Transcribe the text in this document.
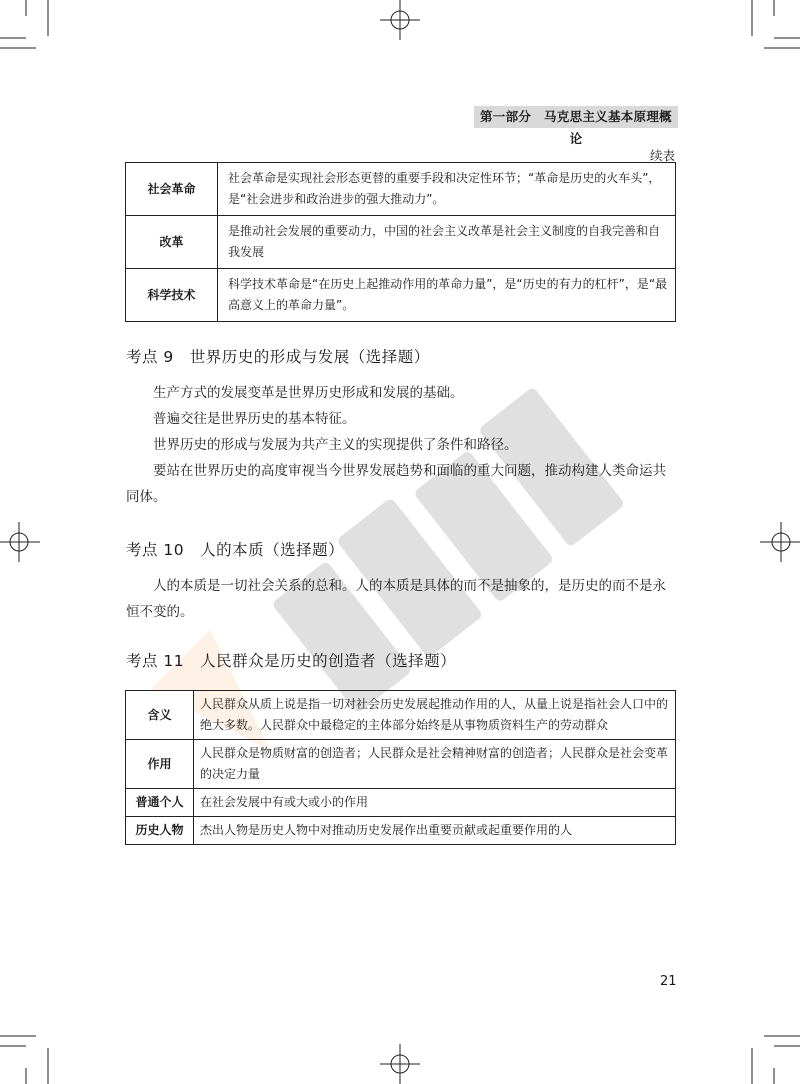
第一部分　马克思主义基本原理概论
续表
社会革命	社会革命是实现社会形态更替的重要手段和决定性环节；“革命是历史的火车头”，是“社会进步和政治进步的强大推动力”。
改革	是推动社会发展的重要动力，中国的社会主义改革是社会主义制度的自我完善和自我发展
科学技术	科学技术革命是“在历史上起推动作用的革命力量”，是“历史的有力的杠杆”，是“最高意义上的革命力量”。
考点 9　世界历史的形成与发展（选择题）

生产方式的发展变革是世界历史形成和发展的基础。

普遍交往是世界历史的基本特征。

世界历史的形成与发展为共产主义的实现提供了条件和路径。

要站在世界历史的高度审视当今世界发展趋势和面临的重大问题，推动构建人类命运共同体。

考点 10　人的本质（选择题）

人的本质是一切社会关系的总和。人的本质是具体的而不是抽象的，是历史的而不是永恒不变的。

考点 11　人民群众是历史的创造者（选择题）
含义	人民群众从质上说是指一切对社会历史发展起推动作用的人，从量上说是指社会人口中的绝大多数。人民群众中最稳定的主体部分始终是从事物质资料生产的劳动群众
作用	人民群众是物质财富的创造者；人民群众是社会精神财富的创造者；人民群众是社会变革的决定力量
普通个人	在社会发展中有或大或小的作用
历史人物	杰出人物是历史人物中对推动历史发展作出重要贡献或起重要作用的人
21
